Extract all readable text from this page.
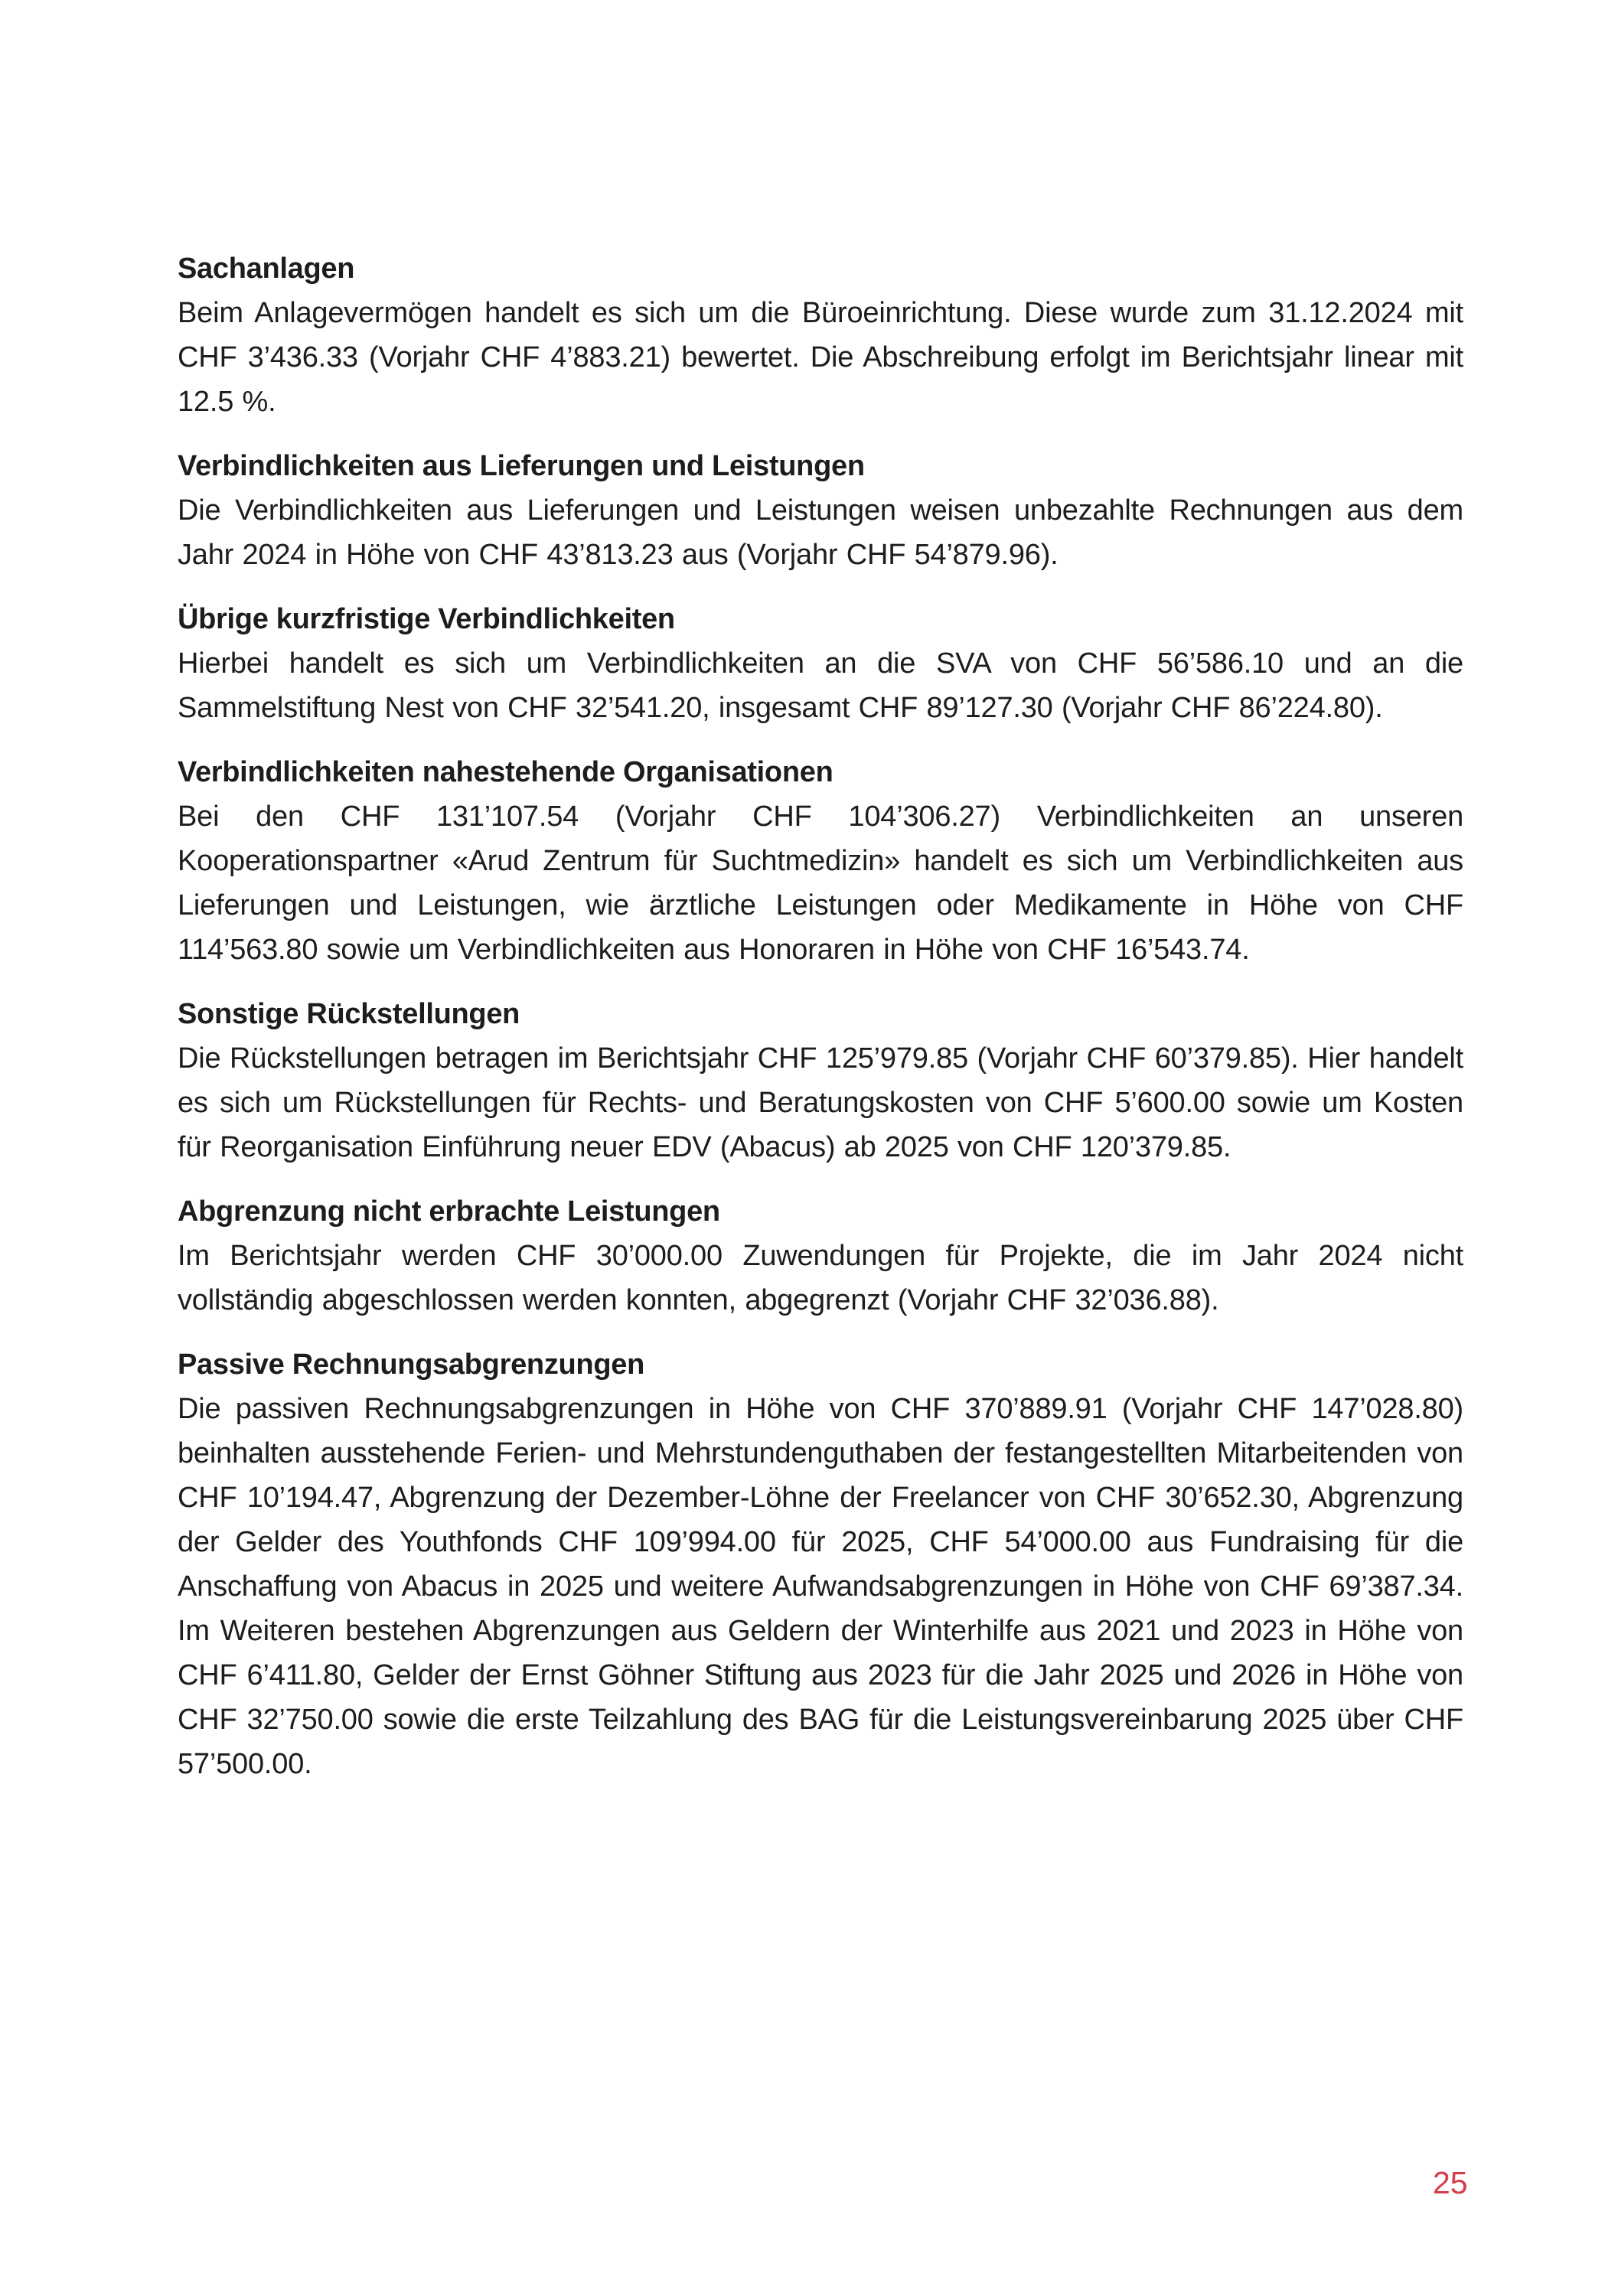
Sachanlagen

Beim Anlagevermögen handelt es sich um die Büroeinrichtung. Diese wurde zum 31.12.2024 mit CHF 3’436.33 (Vorjahr CHF 4’883.21) bewertet. Die Abschreibung erfolgt im Berichtsjahr linear mit 12.5 %.

Verbindlichkeiten aus Lieferungen und Leistungen

Die Verbindlichkeiten aus Lieferungen und Leistungen weisen unbezahlte Rechnungen aus dem Jahr 2024 in Höhe von CHF 43’813.23 aus (Vorjahr CHF 54’879.96).

Übrige kurzfristige Verbindlichkeiten

Hierbei handelt es sich um Verbindlichkeiten an die SVA von CHF 56’586.10 und an die Sammelstiftung Nest von CHF 32’541.20, insgesamt CHF 89’127.30 (Vorjahr CHF 86’224.80).

Verbindlichkeiten nahestehende Organisationen

Bei den CHF 131’107.54 (Vorjahr CHF 104’306.27) Verbindlichkeiten an unseren Kooperationspartner «Arud Zentrum für Suchtmedizin» handelt es sich um Verbindlichkeiten aus Lieferungen und Leistungen, wie ärztliche Leistungen oder Medikamente in Höhe von CHF 114’563.80 sowie um Verbindlichkeiten aus Honoraren in Höhe von CHF 16’543.74.

Sonstige Rückstellungen

Die Rückstellungen betragen im Berichtsjahr CHF 125’979.85 (Vorjahr CHF 60’379.85). Hier handelt es sich um Rückstellungen für Rechts- und Beratungskosten von CHF 5’600.00 sowie um Kosten für Reorganisation Einführung neuer EDV (Abacus) ab 2025 von CHF 120’379.85.

Abgrenzung nicht erbrachte Leistungen

Im Berichtsjahr werden CHF 30’000.00 Zuwendungen für Projekte, die im Jahr 2024 nicht vollständig abgeschlossen werden konnten, abgegrenzt (Vorjahr CHF 32’036.88).

Passive Rechnungsabgrenzungen

Die passiven Rechnungsabgrenzungen in Höhe von CHF 370’889.91 (Vorjahr CHF 147’028.80) beinhalten ausstehende Ferien- und Mehrstundenguthaben der festangestellten Mitarbeitenden von CHF 10’194.47, Abgrenzung der Dezember-Löhne der Freelancer von CHF 30’652.30, Abgrenzung der Gelder des Youthfonds CHF 109’994.00 für 2025, CHF 54’000.00 aus Fundraising für die Anschaffung von Abacus in 2025 und weitere Aufwandsabgrenzungen in Höhe von CHF 69’387.34. Im Weiteren bestehen Abgrenzungen aus Geldern der Winterhilfe aus 2021 und 2023 in Höhe von CHF 6’411.80, Gelder der Ernst Göhner Stiftung aus 2023 für die Jahr 2025 und 2026 in Höhe von CHF 32’750.00 sowie die erste Teilzahlung des BAG für die Leistungsvereinbarung 2025 über CHF 57’500.00.

25
